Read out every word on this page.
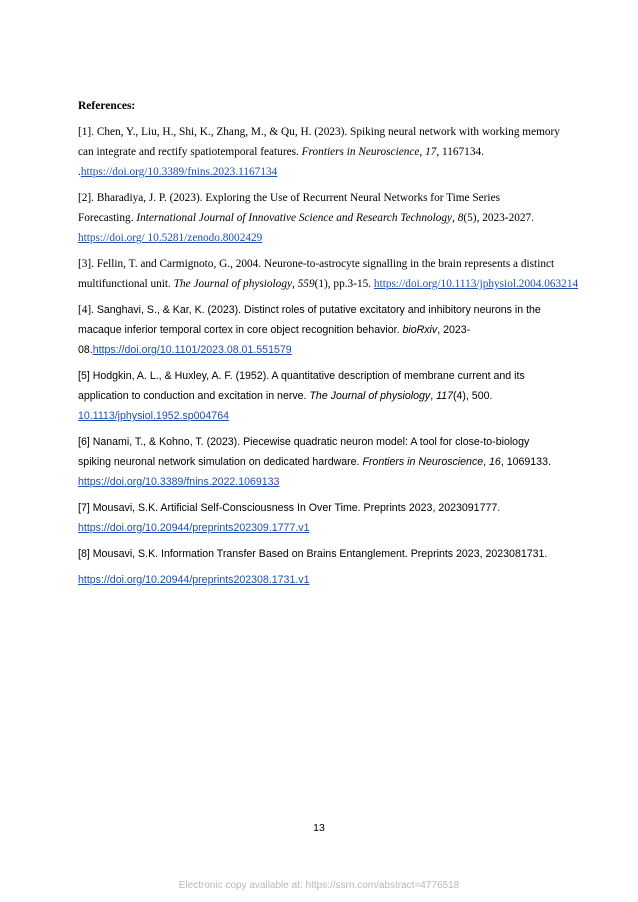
References:
[1]. Chen, Y., Liu, H., Shi, K., Zhang, M., & Qu, H. (2023). Spiking neural network with working memory
can integrate and rectify spatiotemporal features. Frontiers in Neuroscience, 17, 1167134.
.https://doi.org/10.3389/fnins.2023.1167134
[2]. Bharadiya, J. P. (2023). Exploring the Use of Recurrent Neural Networks for Time Series
Forecasting. International Journal of Innovative Science and Research Technology, 8(5), 2023-2027.
https://doi.org/ 10.5281/zenodo.8002429
[3]. Fellin, T. and Carmignoto, G., 2004. Neurone-to-astrocyte signalling in the brain represents a distinct
multifunctional unit. The Journal of physiology, 559(1), pp.3-15. https://doi.org/10.1113/jphysiol.2004.063214
[4]. Sanghavi, S., & Kar, K. (2023). Distinct roles of putative excitatory and inhibitory neurons in the
macaque inferior temporal cortex in core object recognition behavior. bioRxiv, 2023-
08.https://doi.org/10.1101/2023.08.01.551579
[5] Hodgkin, A. L., & Huxley, A. F. (1952). A quantitative description of membrane current and its
application to conduction and excitation in nerve. The Journal of physiology, 117(4), 500.
10.1113/jphysiol.1952.sp004764
[6] Nanami, T., & Kohno, T. (2023). Piecewise quadratic neuron model: A tool for close-to-biology
spiking neuronal network simulation on dedicated hardware. Frontiers in Neuroscience, 16, 1069133.
https://doi.org/10.3389/fnins.2022.1069133
[7] Mousavi, S.K. Artificial Self-Consciousness In Over Time. Preprints 2023, 2023091777.
https://doi.org/10.20944/preprints202309.1777.v1
[8] Mousavi, S.K. Information Transfer Based on Brains Entanglement. Preprints 2023, 2023081731.
https://doi.org/10.20944/preprints202308.1731.v1
13
Electronic copy available at: https://ssrn.com/abstract=4776518
